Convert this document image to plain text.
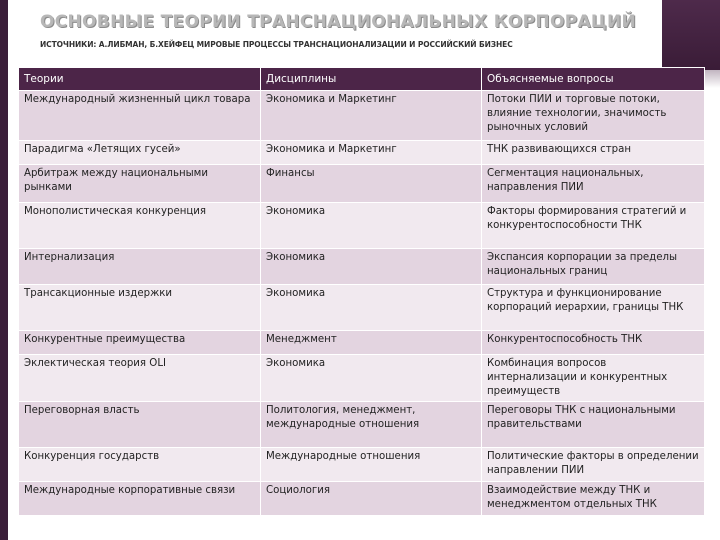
ОСНОВНЫЕ ТЕОРИИ ТРАНСНАЦИОНАЛЬНЫХ КОРПОРАЦИЙ
ИСТОЧНИКИ: А.ЛИБМАН, Б.ХЕЙФЕЦ МИРОВЫЕ ПРОЦЕССЫ ТРАНСНАЦИОНАЛИЗАЦИИ И РОССИЙСКИЙ БИЗНЕС
Теории	Дисциплины	Объясняемые вопросы
Международный жизненный цикл товара	Экономика и Маркетинг	Потоки ПИИ и торговые потоки, влияние технологии, значимость рыночных условий
Парадигма «Летящих гусей»	Экономика и Маркетинг	ТНК развивающихся стран
Арбитраж между национальными рынками	Финансы	Сегментация национальных, направления ПИИ
Монополистическая конкуренция	Экономика	Факторы формирования стратегий и конкурентоспособности ТНК
Интернализация	Экономика	Экспансия корпорации за пределы национальных границ
Трансакционные издержки	Экономика	Структура и функционирование корпораций иерархии, границы ТНК
Конкурентные преимущества	Менеджмент	Конкурентоспособность ТНК
Эклектическая теория OLI	Экономика	Комбинация вопросов интернализации и конкурентных преимуществ
Переговорная власть	Политология, менеджмент, международные отношения	Переговоры ТНК с национальными правительствами
Конкуренция государств	Международные отношения	Политические факторы в определении направлении ПИИ
Международные корпоративные связи	Социология	Взаимодействие между ТНК и менеджментом отдельных ТНК
